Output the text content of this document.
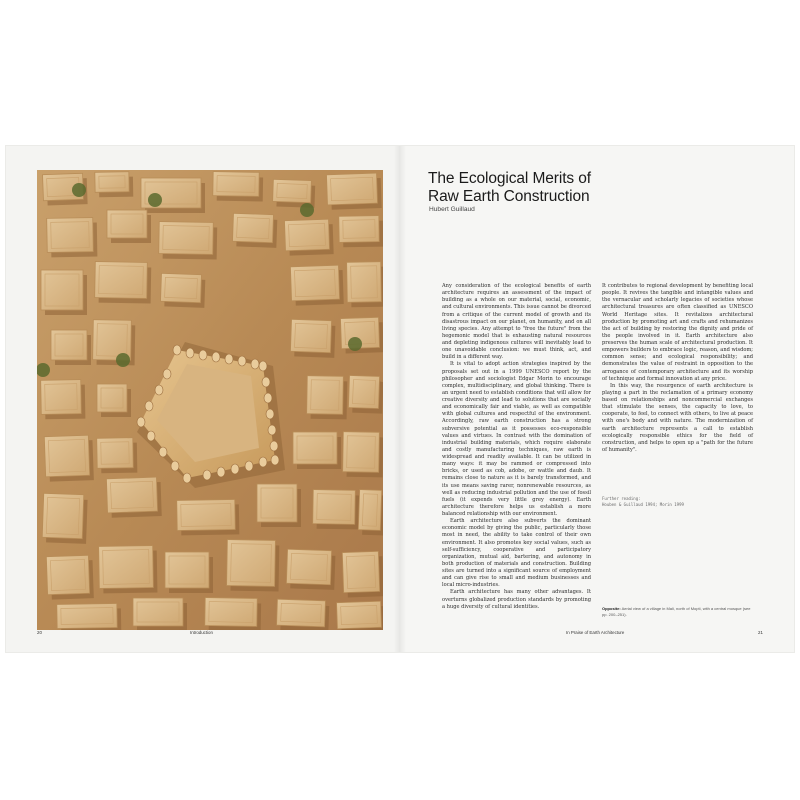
The Ecological Merits of
Raw Earth Construction
Hubert Guillaud

Any consideration of the ecological benefits of earth architecture requires an assessment of the impact of building as a whole on our material, social, economic, and cultural environments. This issue cannot be divorced from a critique of the current model of growth and its disastrous impact on our planet, on humanity, and on all living species. Any attempt to "free the future" from the hegemonic model that is exhausting natural resources and depleting indigenous cultures will inevitably lead to one unavoidable conclusion: we must think, act, and build in a different way.

It is vital to adopt action strategies inspired by the proposals set out in a 1999 UNESCO report by the philosopher and sociologist Edgar Morin to encourage complex, multidisciplinary, and global thinking. There is an urgent need to establish conditions that will allow for creative diversity and lead to solutions that are socially and economically fair and viable, as well as compatible with global cultures and respectful of the environment. Accordingly, raw earth construction has a strong subversive potential as it possesses eco-responsible values and virtues. In contrast with the domination of industrial building materials, which require elaborate and costly manufacturing techniques, raw earth is widespread and readily available. It can be utilized in many ways: it may be rammed or compressed into bricks, or used as cob, adobe, or wattle and daub. It remains close to nature as it is barely transformed, and its use means saving rarer, nonrenewable resources, as well as reducing industrial pollution and the use of fossil fuels (it expends very little grey energy). Earth architecture therefore helps us establish a more balanced relationship with our environment.

Earth architecture also subverts the dominant economic model by giving the public, particularly those most in need, the ability to take control of their own environment. It also promotes key social values, such as self-sufficiency, cooperative and participatory organization, mutual aid, bartering, and autonomy in both production of materials and construction. Building sites are turned into a significant source of employment and can give rise to small and medium businesses and local micro-industries.

Earth architecture has many other advantages. It overturns globalized production standards by promoting a huge diversity of cultural identities.

It contributes to regional development by benefiting local people. It revives the tangible and intangible values and the vernacular and scholarly legacies of societies whose architectural treasures are often classified as UNESCO World Heritage sites. It revitalizes architectural production by promoting art and crafts and rehumanizes the act of building by restoring the dignity and pride of the people involved in it. Earth architecture also preserves the human scale of architectural production. It empowers builders to embrace logic, reason, and wisdom; common sense; and ecological responsibility; and demonstrates the value of restraint in opposition to the arrogance of contemporary architecture and its worship of technique and formal innovation at any price.

In this way, the resurgence of earth architecture is playing a part in the reclamation of a primary economy based on relationships and noncommercial exchanges that stimulate the senses, the capacity to love, to cooperate, to feel, to connect with others, to live at peace with one's body and with nature. The modernization of earth architecture represents a call to establish ecologically responsible ethics for the field of construction, and helps to open up a "path for the future of humanity".

Further reading:
Houben & Guillaud 1994; Morin 1999
Opposite: Aerial view of a village in Mali, north of Mopti, with a central mosque (see pp. 200–251).
20	Introduction	In Praise of Earth Architecture	21
